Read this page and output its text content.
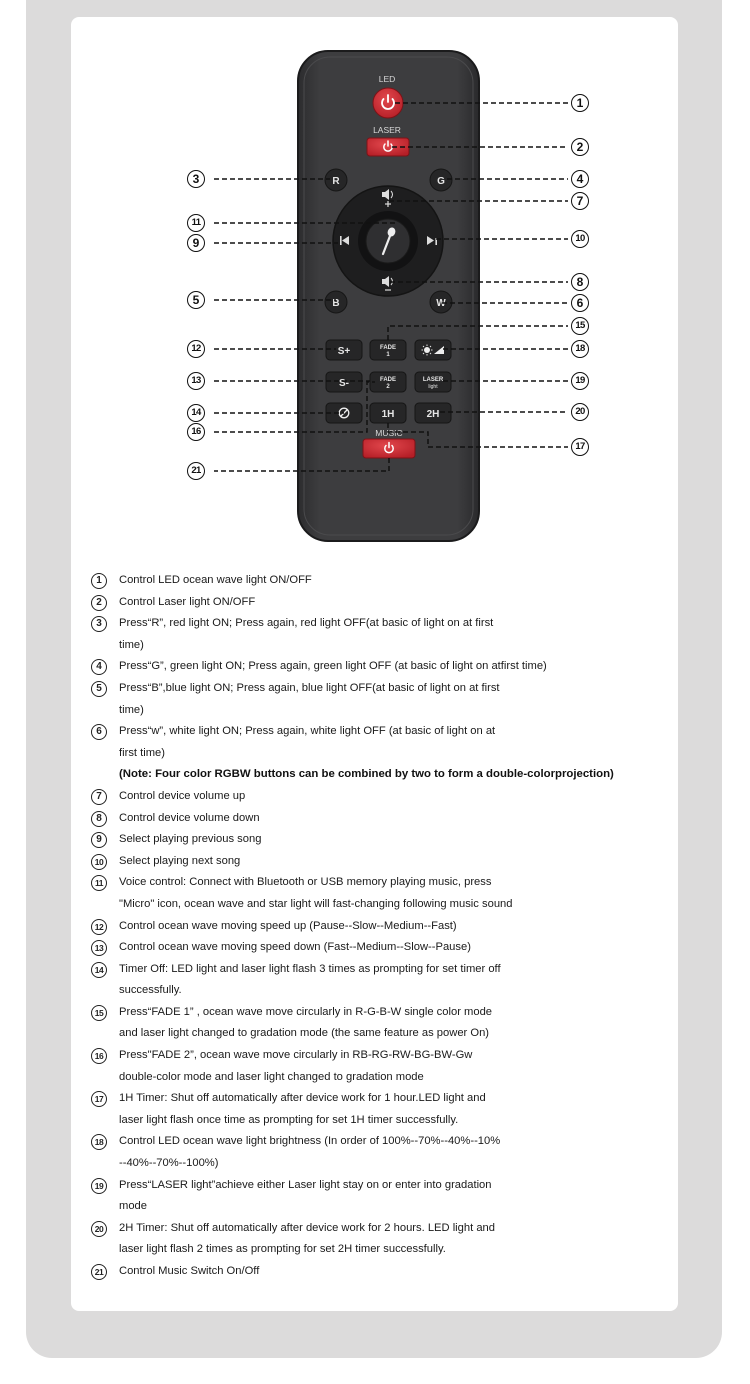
LED
LASER
R	G
B	W
S+	FADE
1
S-	FADE
2
LASER
light
1H	2H
MUSIC
1
2
3	4
5	6
7
8
9	10
11
12
13
14
15
16
17
18
19
20
21
1	Control LED ocean wave light ON/OFF
2	Control Laser light ON/OFF
3	Press“R”, red light ON; Press again, red light OFF(at basic of light on at first
time)
4	Press“G”, green light ON; Press again, green light OFF (at basic of light on atfirst time)
5	Press“B”,blue light ON; Press again, blue light OFF(at basic of light on at first
time)
6	Press“w”, white light ON; Press again, white light OFF (at basic of light on at
first time)
(Note: Four color RGBW buttons can be combined by two to form a double-colorprojection)
7	Control device volume up
8	Control device volume down
9	Select playing previous song
10	Select playing next song
11	Voice control: Connect with Bluetooth or USB memory playing music, press
"Micro" icon, ocean wave and star light will fast-changing following music sound
12	Control ocean wave moving speed up (Pause--Slow--Medium--Fast)
13	Control ocean wave moving speed down (Fast--Medium--Slow--Pause)
14	Timer Off: LED light and laser light flash 3 times as prompting for set timer off
successfully.
15	Press“FADE 1” , ocean wave move circularly in R-G-B-W single color mode
and laser light changed to gradation mode (the same feature as power On)
16	Press"FADE 2”, ocean wave move circularly in RB-RG-RW-BG-BW-Gw
double-color mode and laser light changed to gradation mode
17	1H Timer: Shut off automatically after device work for 1 hour.LED light and
laser light flash once time as prompting for set 1H timer successfully.
18	Control LED ocean wave light brightness (In order of 100%--70%--40%--10%
--40%--70%--100%)
19	Press“LASER light”achieve either Laser light stay on or enter into gradation
mode
20	2H Timer: Shut off automatically after device work for 2 hours. LED light and
laser light flash 2 times as prompting for set 2H timer successfully.
21	Control Music Switch On/Off
